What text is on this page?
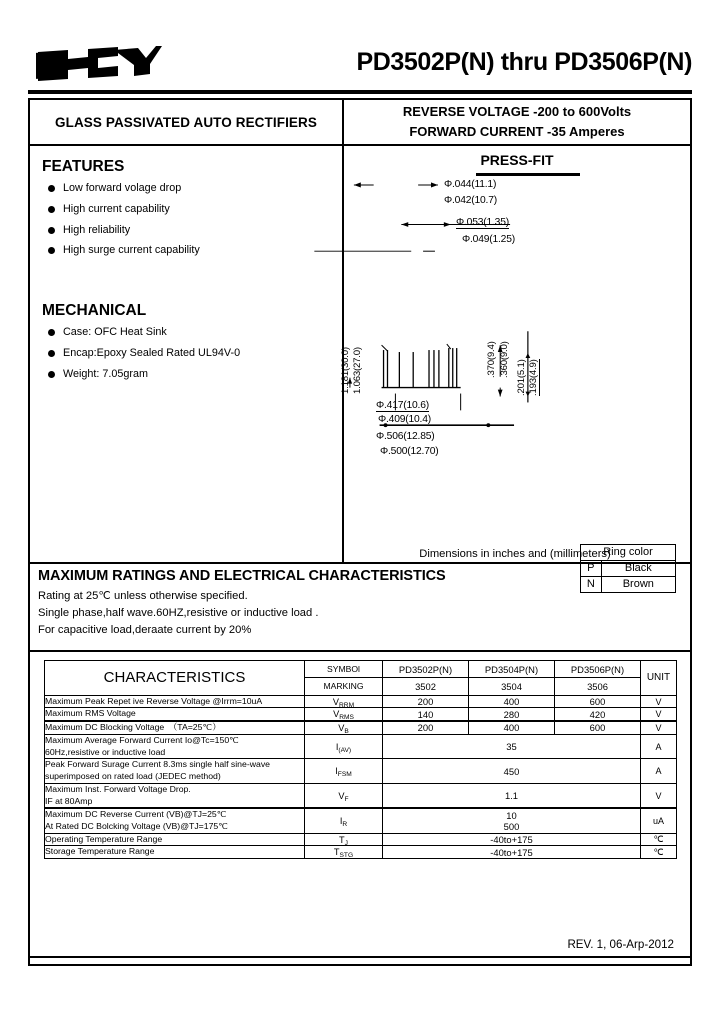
PD3502P(N) thru PD3506P(N)
GLASS PASSIVATED AUTO RECTIFIERS
REVERSE VOLTAGE -200 to 600Volts
FORWARD CURRENT -35 Amperes
FEATURES
Low forward volage drop
High current capability
High reliability
High surge current capability
MECHANICAL
Case: OFC Heat Sink
Encap:Epoxy Sealed Rated UL94V-0
Weight: 7.05gram
PRESS-FIT
Φ.044(11.1)
Φ.042(10.7)
Φ.053(1.35)
Φ.049(1.25)
1.181(30.0) 1.063(27.0)	.370(9.4) .360(9.0) .201(5.1) .193(4.9)
Φ.417(10.6)
Φ.409(10.4)
Φ.506(12.85)
Φ.500(12.70)
Ring color	
P	Black
N	Brown
Dimensions in inches and (millimeters)
MAXIMUM RATINGS AND ELECTRICAL CHARACTERISTICS

Rating at 25℃ unless otherwise specified.

Single phase,half wave.60HZ,resistive or inductive load .

For capacitive load,deraate current by 20%

CHARACTERISTICS	SYMBOl	PD3502P(N)	PD3504P(N)	PD3506P(N)	UNIT
	MARKING	3502	3504	3506	
Maximum Peak Repet ive Reverse Voltage @Irrm=10uA	$V_{RRM}$	200	400	600	V
Maximum RMS Voltage	$V_{RMS}$	140	280	420	V
Maximum DC Blocking Voltage　（TA=25℃）	$V_B$	200	400	600	V
Maximum Average Forward Current Io@Tc=150℃
60Hz,resistive or inductive load	$I_{(AV)}$	35			A
Peak Forward Surage Current 8.3ms single half sine-wave
superimposed on rated load (JEDEC method)	$I_{FSM}$	450			A
Maximum Inst. Forward Voltage Drop.
IF at 80Amp	$V_F$	1.1			V
Maximum DC Reverse Current (VB)@TJ=25℃
At Rated DC Bolcking Voltage (VB)@TJ=175℃	$I_R$	10
500			uA
Operating Temperature Range	$T_J$	-40to+175			℃
Storage Temperature Range	$T_{STG}$	-40to+175			℃
REV. 1, 06-Arp-2012
